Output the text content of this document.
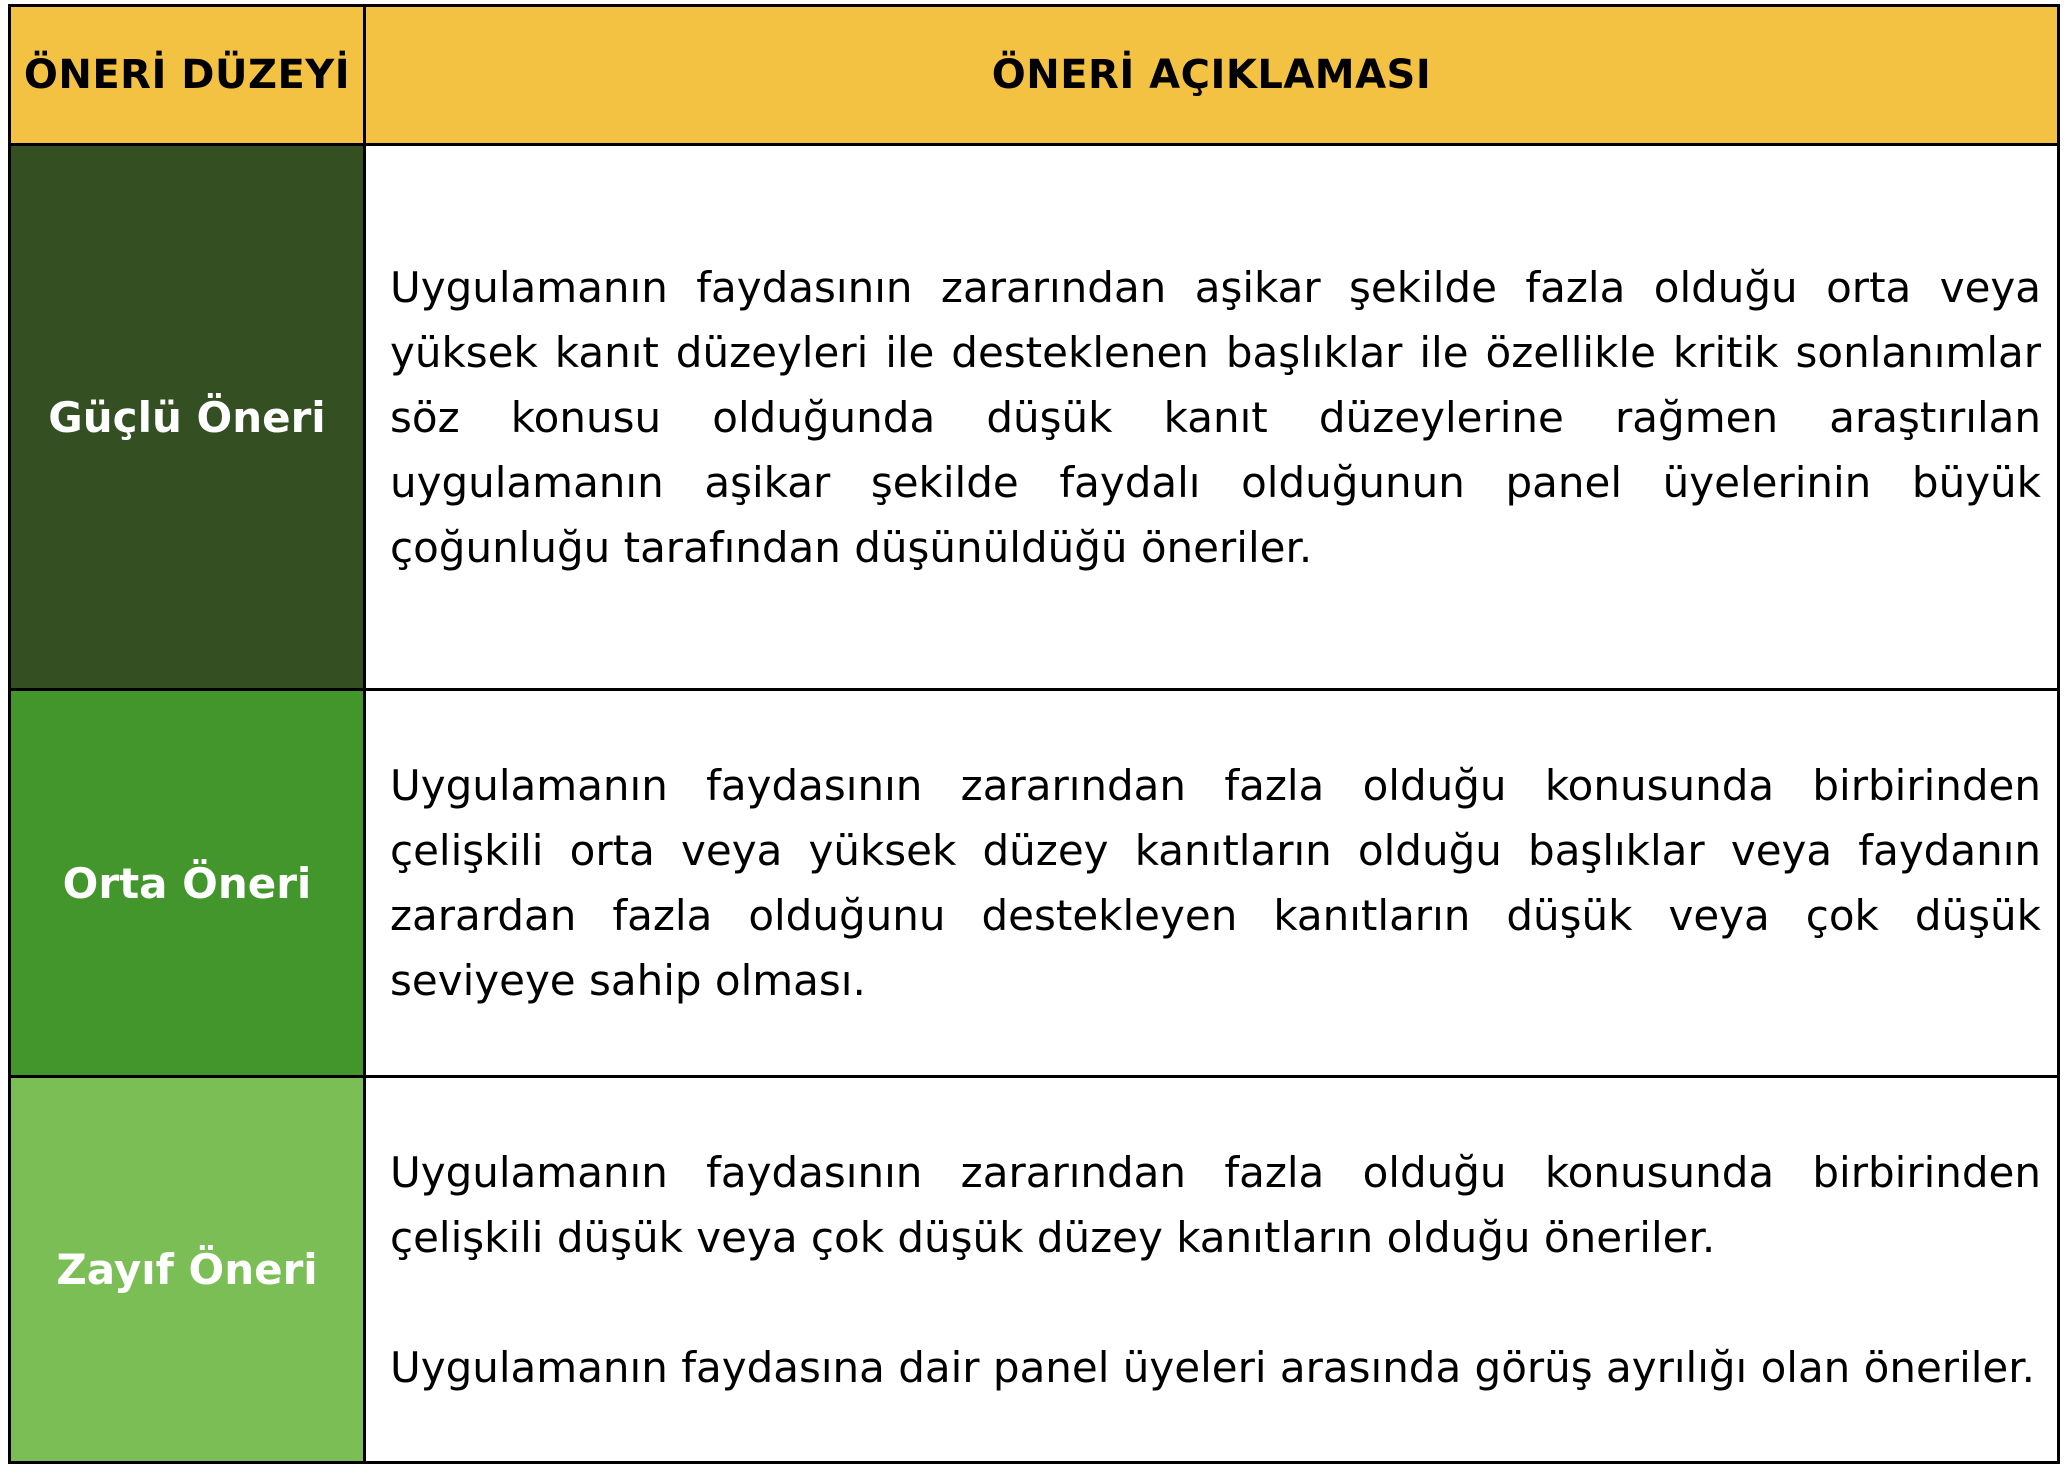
ÖNERİ DÜZEYİ	ÖNERİ AÇIKLAMASI
Güçlü Öneri

Uygulamanın faydasının zararından aşikar şekilde fazla olduğu orta veya yüksek kanıt düzeyleri ile desteklenen başlıklar ile özellikle kritik sonlanımlar söz konusu olduğunda düşük kanıt düzeylerine rağmen araştırılan uygulamanın aşikar şekilde faydalı olduğunun panel üyelerinin büyük çoğunluğu tarafından düşünüldüğü öneriler.

Orta Öneri

Uygulamanın faydasının zararından fazla olduğu konusunda birbirinden çelişkili orta veya yüksek düzey kanıtların olduğu başlıklar veya faydanın zarardan fazla olduğunu destekleyen kanıtların düşük veya çok düşük seviyeye sahip olması.

Zayıf Öneri

Uygulamanın faydasının zararından fazla olduğu konusunda birbirinden çelişkili düşük veya çok düşük düzey kanıtların olduğu öneriler.

Uygulamanın faydasına dair panel üyeleri arasında görüş ayrılığı olan öneriler.
